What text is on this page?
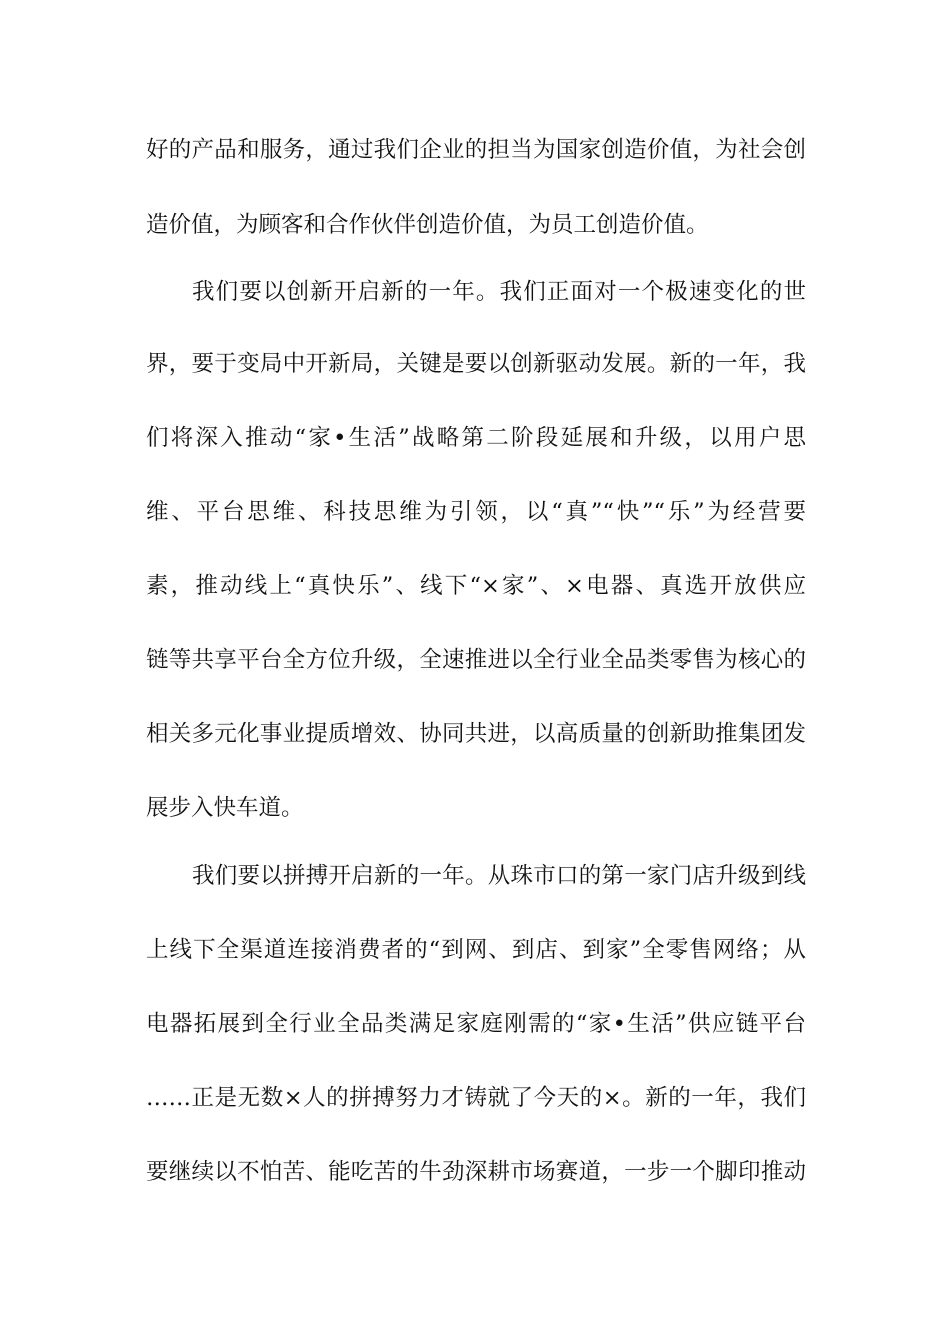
好的产品和服务，通过我们企业的担当为国家创造价值，为社会创
造价值，为顾客和合作伙伴创造价值，为员工创造价值。
我们要以创新开启新的一年。我们正面对一个极速变化的世
界，要于变局中开新局，关键是要以创新驱动发展。新的一年，我
们将深入推动“家•生活”战略第二阶段延展和升级，以用户思
维、平台思维、科技思维为引领，以“真”“快”“乐”为经营要
素，推动线上“真快乐”、线下“×家”、×电器、真选开放供应
链等共享平台全方位升级，全速推进以全行业全品类零售为核心的
相关多元化事业提质增效、协同共进，以高质量的创新助推集团发
展步入快车道。
我们要以拼搏开启新的一年。从珠市口的第一家门店升级到线
上线下全渠道连接消费者的“到网、到店、到家”全零售网络；从
电器拓展到全行业全品类满足家庭刚需的“家•生活”供应链平台
……正是无数×人的拼搏努力才铸就了今天的×。新的一年，我们
要继续以不怕苦、能吃苦的牛劲深耕市场赛道，一步一个脚印推动
